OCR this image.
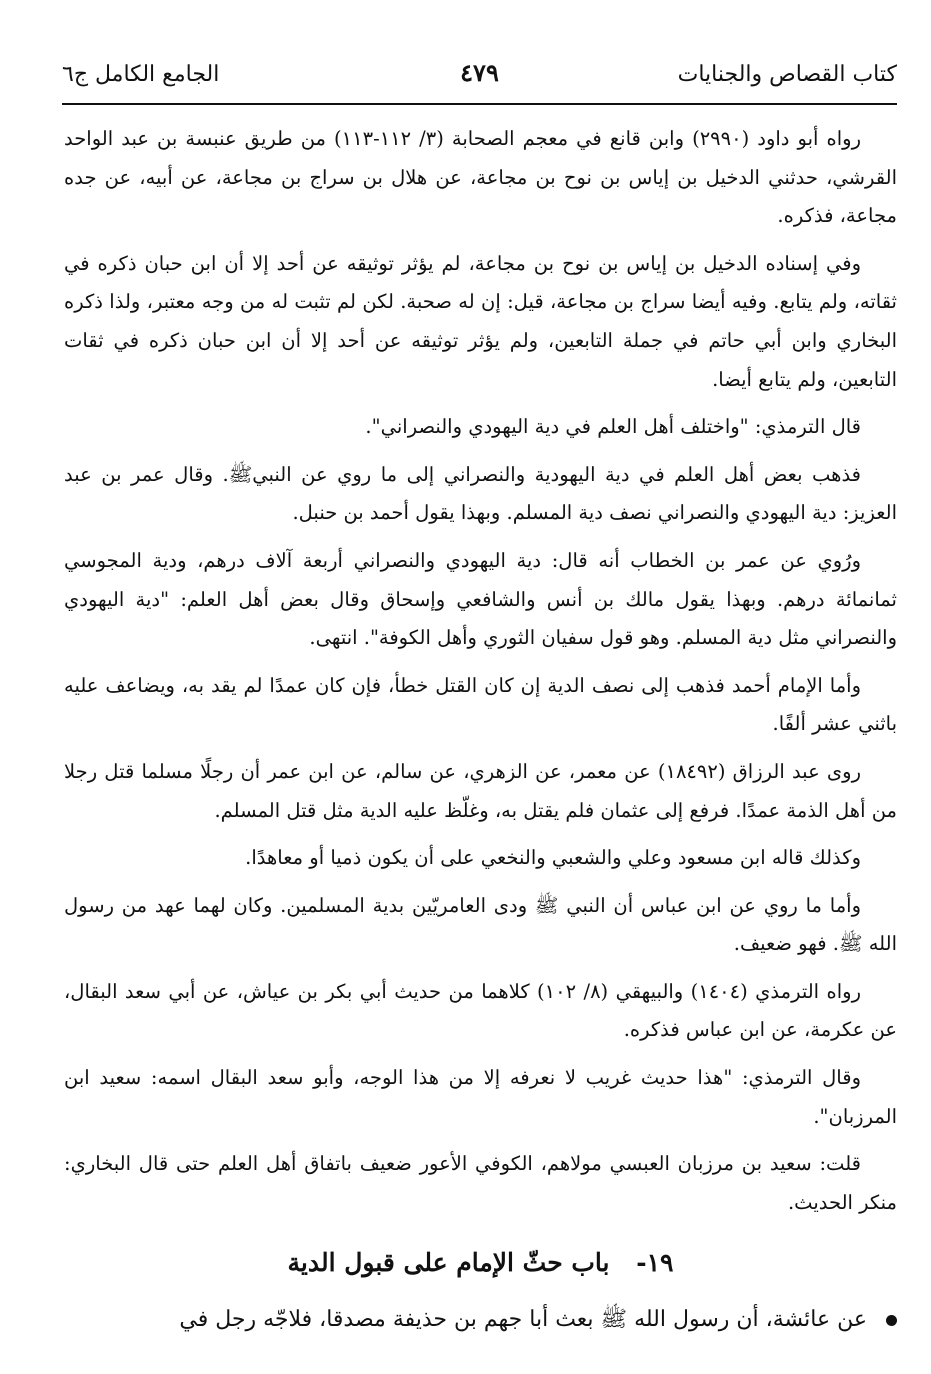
كتاب القصاص والجنايات
٤٧٩
الجامع الكامل ج٦

رواه أبو داود (٢٩٩٠) وابن قانع في معجم الصحابة (٣/ ١١٢-١١٣) من طريق عنبسة بن عبد الواحد القرشي، حدثني الدخيل بن إياس بن نوح بن مجاعة، عن هلال بن سراج بن مجاعة، عن أبيه، عن جده مجاعة، فذكره.

وفي إسناده الدخيل بن إياس بن نوح بن مجاعة، لم يؤثر توثيقه عن أحد إلا أن ابن حبان ذكره في ثقاته، ولم يتابع. وفيه أيضا سراج بن مجاعة، قيل: إن له صحبة. لكن لم تثبت له من وجه معتبر، ولذا ذكره البخاري وابن أبي حاتم في جملة التابعين، ولم يؤثر توثيقه عن أحد إلا أن ابن حبان ذكره في ثقات التابعين، ولم يتابع أيضا.

قال الترمذي: "واختلف أهل العلم في دية اليهودي والنصراني".

فذهب بعض أهل العلم في دية اليهودية والنصراني إلى ما روي عن النبيﷺ. وقال عمر بن عبد العزيز: دية اليهودي والنصراني نصف دية المسلم. وبهذا يقول أحمد بن حنبل.

ورُوي عن عمر بن الخطاب أنه قال: دية اليهودي والنصراني أربعة آلاف درهم، ودية المجوسي ثمانمائة درهم. وبهذا يقول مالك بن أنس والشافعي وإسحاق وقال بعض أهل العلم: "دية اليهودي والنصراني مثل دية المسلم. وهو قول سفيان الثوري وأهل الكوفة". انتهى.

وأما الإمام أحمد فذهب إلى نصف الدية إن كان القتل خطأ، فإن كان عمدًا لم يقد به، ويضاعف عليه باثني عشر ألفًا.

روى عبد الرزاق (١٨٤٩٢) عن معمر، عن الزهري، عن سالم، عن ابن عمر أن رجلًا مسلما قتل رجلا من أهل الذمة عمدًا. فرفع إلى عثمان فلم يقتل به، وغلّظ عليه الدية مثل قتل المسلم.

وكذلك قاله ابن مسعود وعلي والشعبي والنخعي على أن يكون ذميا أو معاهدًا.

وأما ما روي عن ابن عباس أن النبي ﷺ ودى العامريّين بدية المسلمين. وكان لهما عهد من رسول الله ﷺ. فهو ضعيف.

رواه الترمذي (١٤٠٤) والبيهقي (٨/ ١٠٢) كلاهما من حديث أبي بكر بن عياش، عن أبي سعد البقال، عن عكرمة، عن ابن عباس فذكره.

وقال الترمذي: "هذا حديث غريب لا نعرفه إلا من هذا الوجه، وأبو سعد البقال اسمه: سعيد ابن المرزبان".

قلت: سعيد بن مرزبان العبسي مولاهم، الكوفي الأعور ضعيف باتفاق أهل العلم حتى قال البخاري: منكر الحديث.

١٩- باب حثّ الإمام على قبول الدية

عن عائشة، أن رسول الله ﷺ بعث أبا جهم بن حذيفة مصدقا، فلاجّه رجل في
